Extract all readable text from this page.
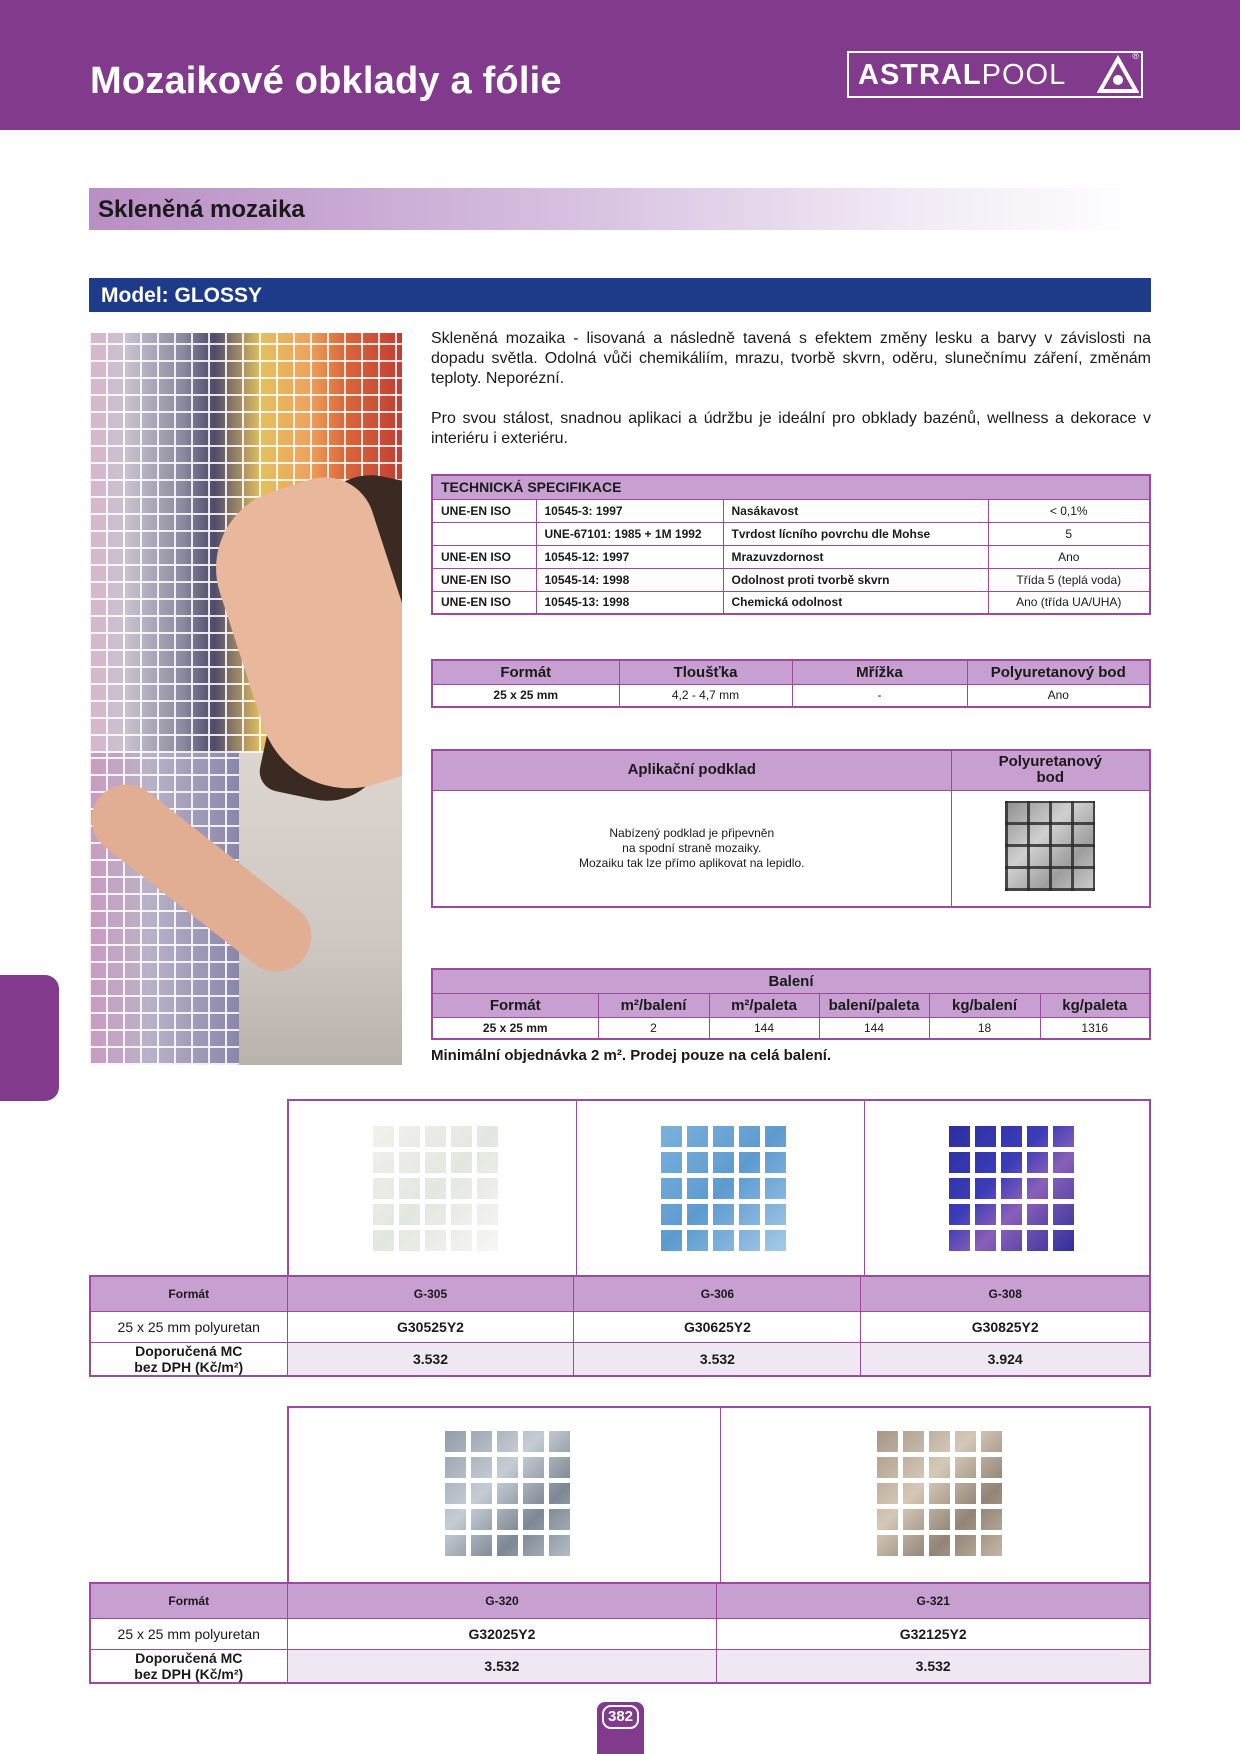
Mozaikové obklady a fólie	ASTRALPOOL
®
Skleněná mozaika
Model: GLOSSY

Skleněná mozaika - lisovaná a následně tavená s efektem změny lesku a barvy v závislosti na dopadu světla. Odolná vůči chemikáliím, mrazu, tvorbě skvrn, oděru, slunečnímu záření, změnám teploty. Neporézní.

Pro svou stálost, snadnou aplikaci a údržbu je ideální pro obklady bazénů, wellness a dekorace v interiéru i exteriéru.

TECHNICKÁ SPECIFIKACE			
UNE-EN ISO	10545-3: 1997	Nasákavost	< 0,1%
	UNE-67101: 1985 + 1M 1992	Tvrdost lícního povrchu dle Mohse	5
UNE-EN ISO	10545-12: 1997	Mrazuvzdornost	Ano
UNE-EN ISO	10545-14: 1998	Odolnost proti tvorbě skvrn	Třída 5 (teplá voda)
UNE-EN ISO	10545-13: 1998	Chemická odolnost	Ano (třída UA/UHA)
Formát	Tloušťka	Mřížka	Polyuretanový bod
25 x 25 mm	4,2 - 4,7 mm	-	Ano
Aplikační podklad	Polyuretanový
bod
Nabízený podklad je připevněn
na spodní straně mozaiky.
Mozaiku tak lze přímo aplikovat na lepidlo.	
Balení					
Formát	m²/balení	m²/paleta	balení/paleta	kg/balení	kg/paleta
25 x 25 mm	2	144	144	18	1316
Minimální objednávka 2 m². Prodej pouze na celá balení.
Formát	G-305	G-306	G-308
25 x 25 mm polyuretan	G30525Y2	G30625Y2	G30825Y2
Doporučená MC
bez DPH (Kč/m²)	3.532	3.532	3.924
Formát	G-320	G-321
25 x 25 mm polyuretan	G32025Y2	G32125Y2
Doporučená MC
bez DPH (Kč/m²)	3.532	3.532
382
